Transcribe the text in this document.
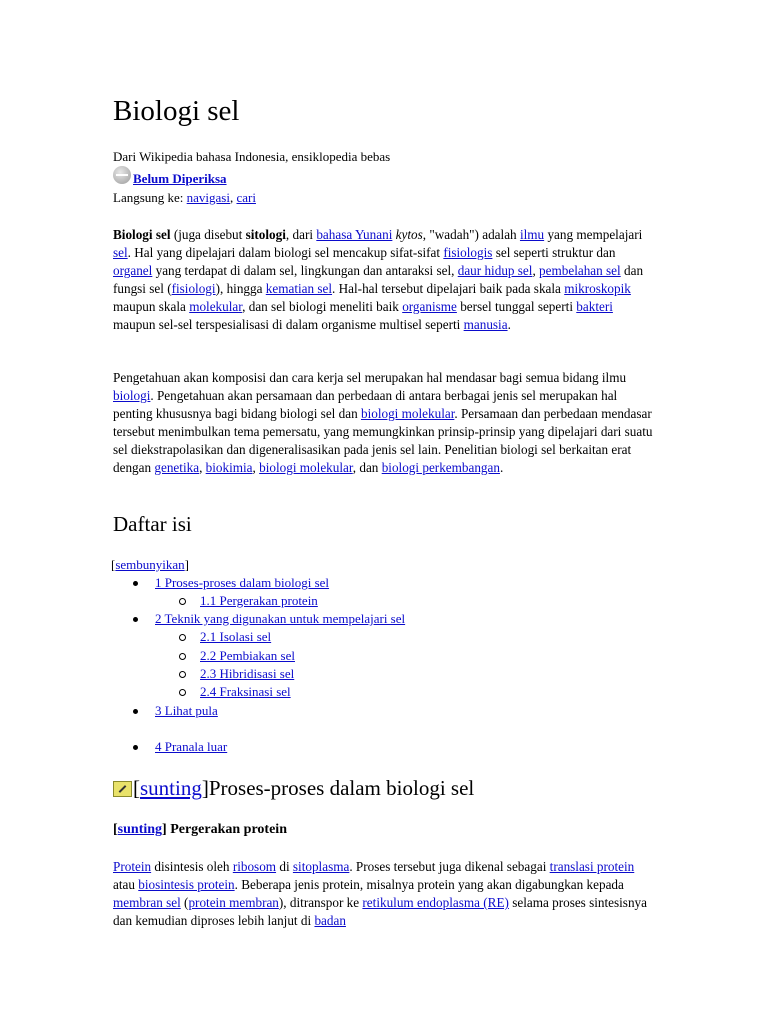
Biologi sel
Dari Wikipedia bahasa Indonesia, ensiklopedia bebas
Belum Diperiksa
Langsung ke: navigasi, cari

Biologi sel (juga disebut sitologi, dari bahasa Yunani kytos, "wadah") adalah ilmu yang mempelajari sel. Hal yang dipelajari dalam biologi sel mencakup sifat-sifat fisiologis sel seperti struktur dan organel yang terdapat di dalam sel, lingkungan dan antaraksi sel, daur hidup sel, pembelahan sel dan fungsi sel (fisiologi), hingga kematian sel. Hal-hal tersebut dipelajari baik pada skala mikroskopik maupun skala molekular, dan sel biologi meneliti baik organisme bersel tunggal seperti bakteri maupun sel-sel terspesialisasi di dalam organisme multisel seperti manusia.

Pengetahuan akan komposisi dan cara kerja sel merupakan hal mendasar bagi semua bidang ilmu biologi. Pengetahuan akan persamaan dan perbedaan di antara berbagai jenis sel merupakan hal penting khususnya bagi bidang biologi sel dan biologi molekular. Persamaan dan perbedaan mendasar tersebut menimbulkan tema pemersatu, yang memungkinkan prinsip-prinsip yang dipelajari dari suatu sel diekstrapolasikan dan digeneralisasikan pada jenis sel lain. Penelitian biologi sel berkaitan erat dengan genetika, biokimia, biologi molekular, dan biologi perkembangan.

Daftar isi
[sembunyikan]
1 Proses-proses dalam biologi sel
1.1 Pergerakan protein
2 Teknik yang digunakan untuk mempelajari sel
2.1 Isolasi sel
2.2 Pembiakan sel
2.3 Hibridisasi sel
2.4 Fraksinasi sel
3 Lihat pula
4 Pranala luar
[ sunting ] Proses-proses dalam biologi sel
[sunting] Pergerakan protein

Protein disintesis oleh ribosom di sitoplasma. Proses tersebut juga dikenal sebagai translasi protein atau biosintesis protein. Beberapa jenis protein, misalnya protein yang akan digabungkan kepada membran sel (protein membran), ditranspor ke retikulum endoplasma (RE) selama proses sintesisnya dan kemudian diproses lebih lanjut di badan
